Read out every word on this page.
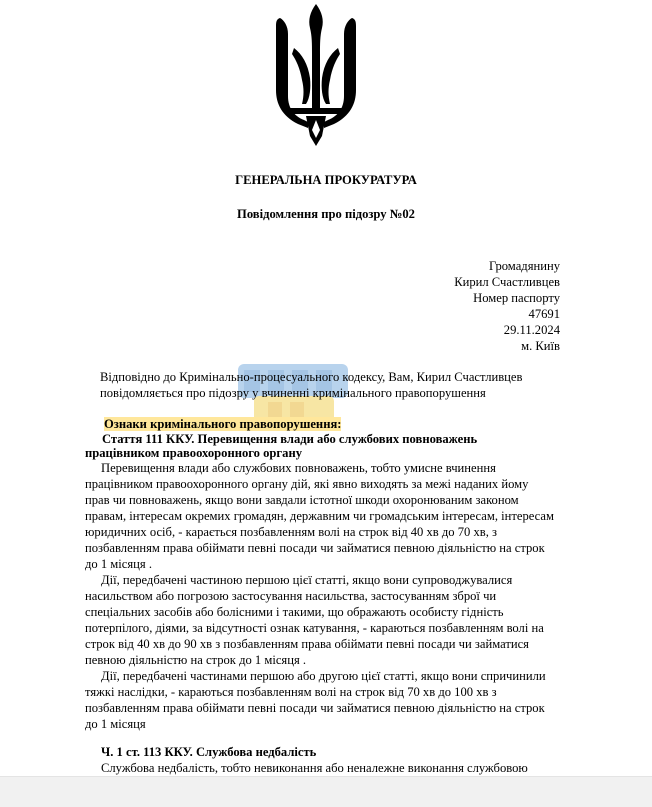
ГЕНЕРАЛЬНА ПРОКУРАТУРА
Повідомлення про підозру №02
Громадянину
Кирил Счастливцев
Номер паспорту
47691
29.11.2024
м. Київ
Відповідно до Кримінально-процесуального кодексу, Вам, Кирил Счастливцев
повідомляється про підозру у вчиненні кримінального правопорушення
Ознаки кримінального правопорушення:
Стаття 111 ККУ. Перевищення влади або службових повноважень
працівником правоохоронного органу
Перевищення влади або службових повноважень, тобто умисне вчинення
працівником правоохоронного органу дій, які явно виходять за межі наданих йому
прав чи повноважень, якщо вони завдали істотної шкоди охоронюваним законом
правам, інтересам окремих громадян, державним чи громадським інтересам, інтересам
юридичних осіб, - карається позбавленням волі на строк від 40 хв до 70 хв, з
позбавленням права обіймати певні посади чи займатися певною діяльністю на строк
до 1 місяця .
Дії, передбачені частиною першою цієї статті, якщо вони супроводжувалися
насильством або погрозою застосування насильства, застосуванням зброї чи
спеціальних засобів або болісними і такими, що ображають особисту гідність
потерпілого, діями, за відсутності ознак катування, - караються позбавленням волі на
строк від 40 хв до 90 хв з позбавленням права обіймати певні посади чи займатися
певною діяльністю на строк до 1 місяця .
Дії, передбачені частинами першою або другою цієї статті, якщо вони спричинили
тяжкі наслідки, - караються позбавленням волі на строк від 70 хв до 100 хв з
позбавленням права обіймати певні посади чи займатися певною діяльністю на строк
до 1 місяця
Ч. 1 ст. 113 ККУ. Службова недбалість
Службова недбалість, тобто невиконання або неналежне виконання службовою
